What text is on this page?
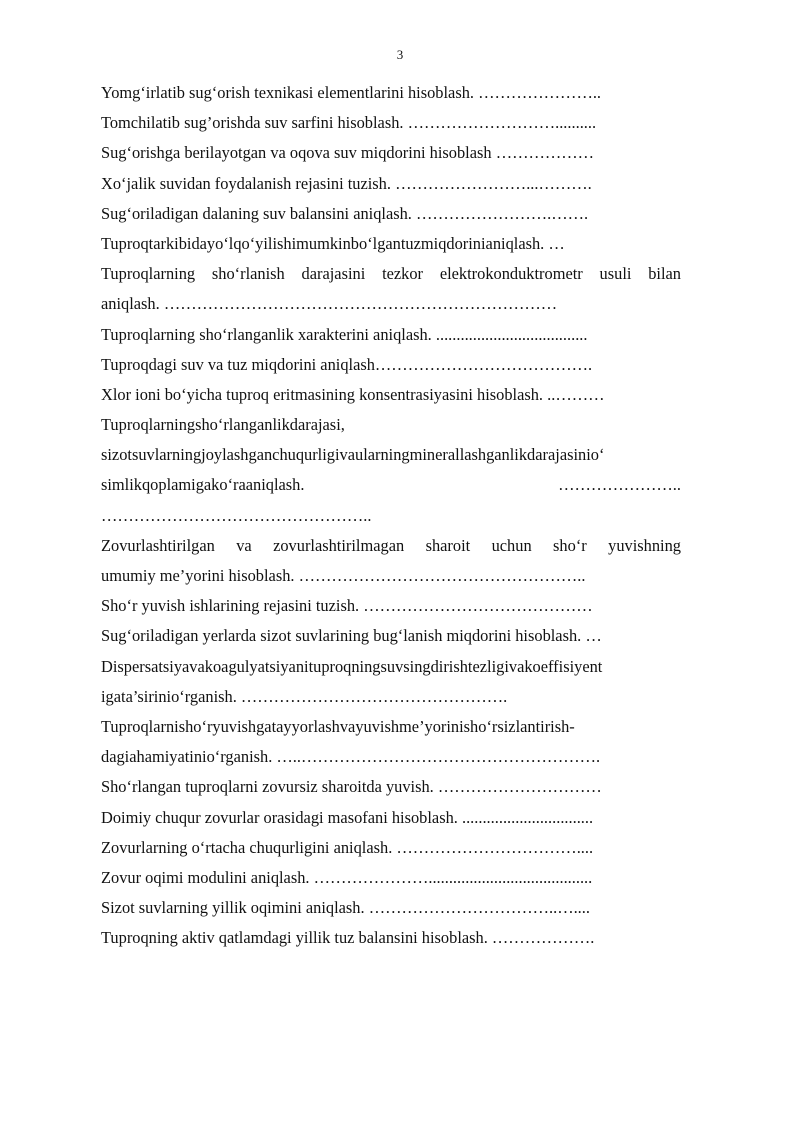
3
Yomg‘irlatib sug‘orish texnikasi elementlarini hisoblash. …………………..
Tomchilatib sug’orishda suv sarfini hisoblash. ………………………..........
Sug‘orishga berilayotgan va oqova suv miqdorini hisoblash ………………
Xo‘jalik suvidan foydalanish rejasini tuzish. ……………………...……….
Sug‘oriladigan dalaning suv balansini aniqlash. …………………….…….
Tuproqtarkibidayo‘lqo‘yilishimumkinbo‘lgantuzmiqdorinianiqlash. …
Tuproqlarning sho‘rlanish darajasini tezkor elektrokonduktrometr usuli bilan
aniqlash. ………………………………………………………………
Tuproqlarning sho‘rlanganlik xarakterini aniqlash. .....................................
Tuproqdagi suv va tuz miqdorini aniqlash………………………………….
Xlor ioni bo‘yicha tuproq eritmasining konsentrasiyasini hisoblash. ..………
Tuproqlarningsho‘rlanganlikdarajasi,
sizotsuvlarningjoylashganchuqurligivaularningminerallashganlikdarajasinio‘
simlikqoplamigako‘raaniqlash.	…………………..
…………………………………………..
Zovurlashtirilgan va zovurlashtirilmagan sharoit uchun sho‘r yuvishning
umumiy me’yorini hisoblash. ……………………………………………..
Sho‘r yuvish ishlarining rejasini tuzish. ……………………………………
Sug‘oriladigan yerlarda sizot suvlarining bug‘lanish miqdorini hisoblash. …
Dispersatsiyavakoagulyatsiyanituproqningsuvsingdirishtezligivakoeffisiyent
igata’sirinio‘rganish. ………………………………………….
Tuproqlarnisho‘ryuvishgatayyorlashvayuvishme’yorinisho‘rsizlantirish-
dagiahamiyatinio‘rganish. …..……………………………………………….
Sho‘rlangan tuproqlarni zovursiz sharoitda yuvish. …………………………
Doimiy chuqur zovurlar orasidagi masofani hisoblash. ................................
Zovurlarning o‘rtacha chuqurligini aniqlash. ……………………………....
Zovur oqimi modulini aniqlash. …………………........................................
Sizot suvlarning yillik oqimini aniqlash. ……………………………..…....
Tuproqning aktiv qatlamdagi yillik tuz balansini hisoblash. ……………….
